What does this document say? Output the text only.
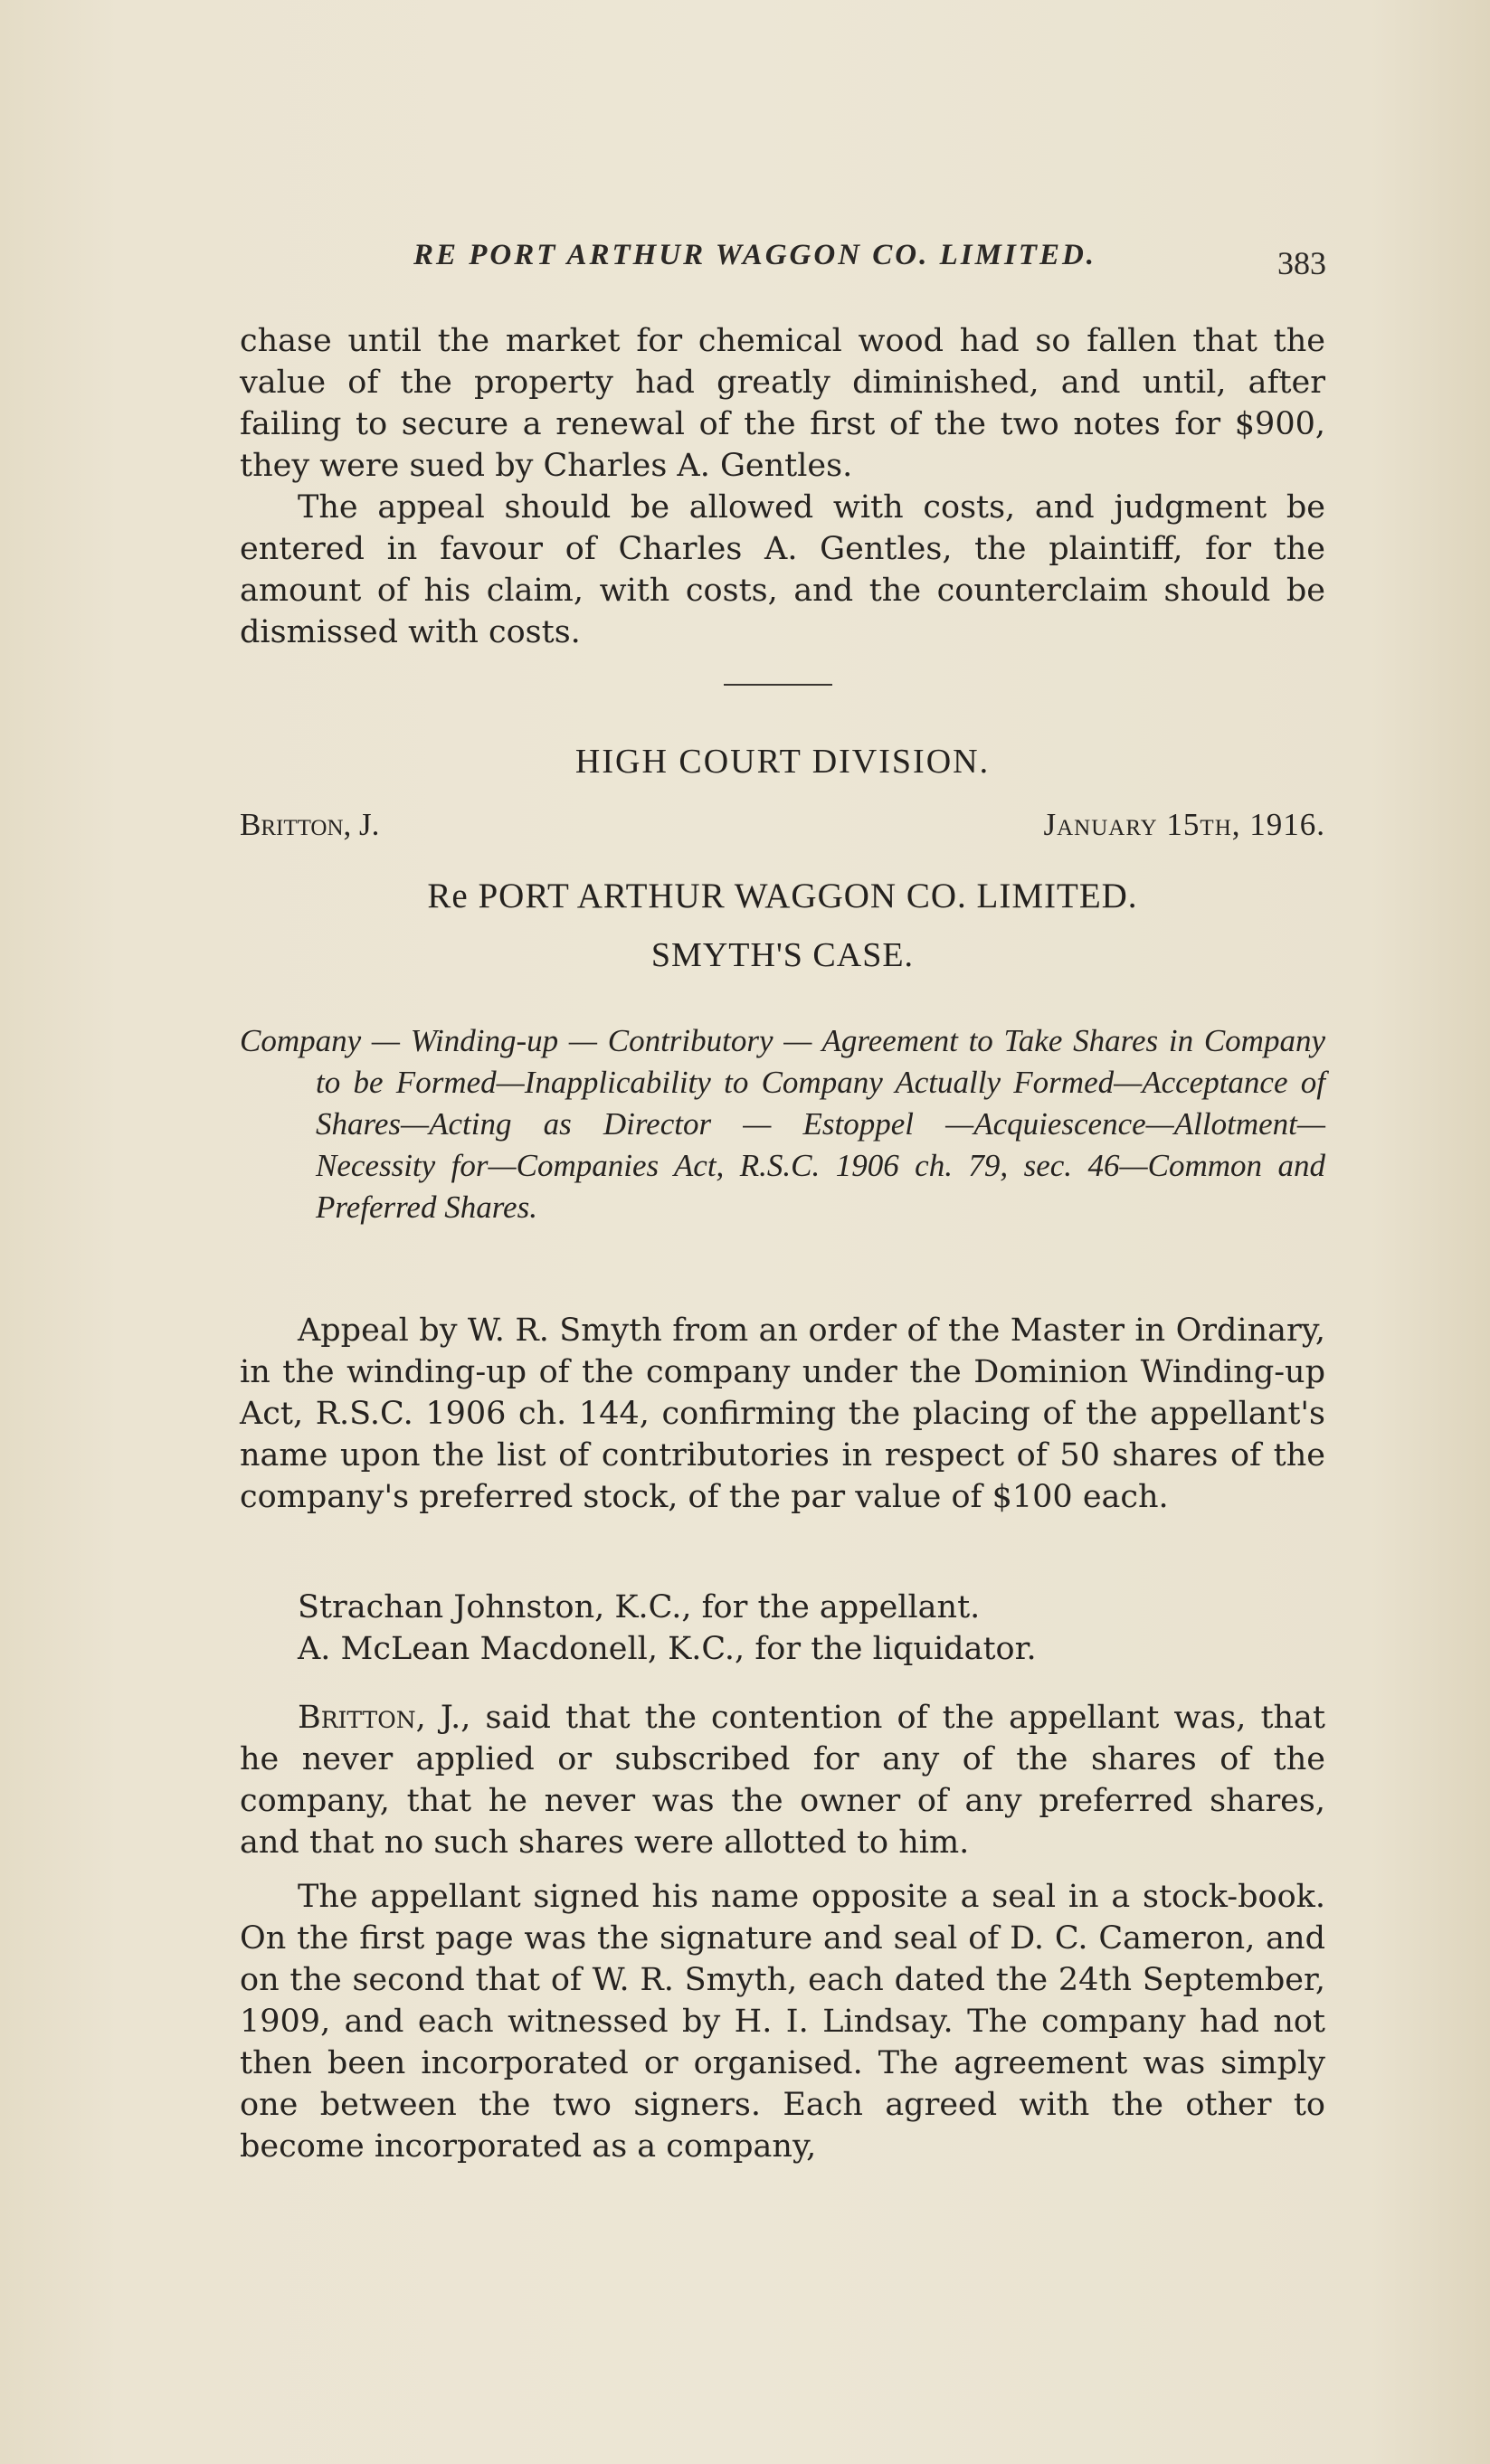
RE PORT ARTHUR WAGGON CO. LIMITED.	383

chase until the market for chemical wood had so fallen that the value of the property had greatly diminished, and until, after failing to secure a renewal of the first of the two notes for $900, they were sued by Charles A. Gentles.

The appeal should be allowed with costs, and judgment be entered in favour of Charles A. Gentles, the plaintiff, for the amount of his claim, with costs, and the counterclaim should be dismissed with costs.

HIGH COURT DIVISION.
Britton, J.	January 15th, 1916.
Re PORT ARTHUR WAGGON CO. LIMITED.
SMYTH'S CASE.
Company — Winding-up — Contributory — Agreement to Take Shares in Company to be Formed—Inapplicability to Company Actually Formed—Acceptance of Shares—Acting as Director — Estoppel —Acquiescence—Allotment—Necessity for—Companies Act, R.S.C. 1906 ch. 79, sec. 46—Common and Preferred Shares.

Appeal by W. R. Smyth from an order of the Master in Ordinary, in the winding-up of the company under the Dominion Winding-up Act, R.S.C. 1906 ch. 144, confirming the placing of the appellant's name upon the list of contributories in respect of 50 shares of the company's preferred stock, of the par value of $100 each.

Strachan Johnston, K.C., for the appellant.

A. McLean Macdonell, K.C., for the liquidator.

Britton, J., said that the contention of the appellant was, that he never applied or subscribed for any of the shares of the company, that he never was the owner of any preferred shares, and that no such shares were allotted to him.

The appellant signed his name opposite a seal in a stock-book. On the first page was the signature and seal of D. C. Cameron, and on the second that of W. R. Smyth, each dated the 24th September, 1909, and each witnessed by H. I. Lindsay. The company had not then been incorporated or organised. The agreement was simply one between the two signers. Each agreed with the other to become incorporated as a company,
